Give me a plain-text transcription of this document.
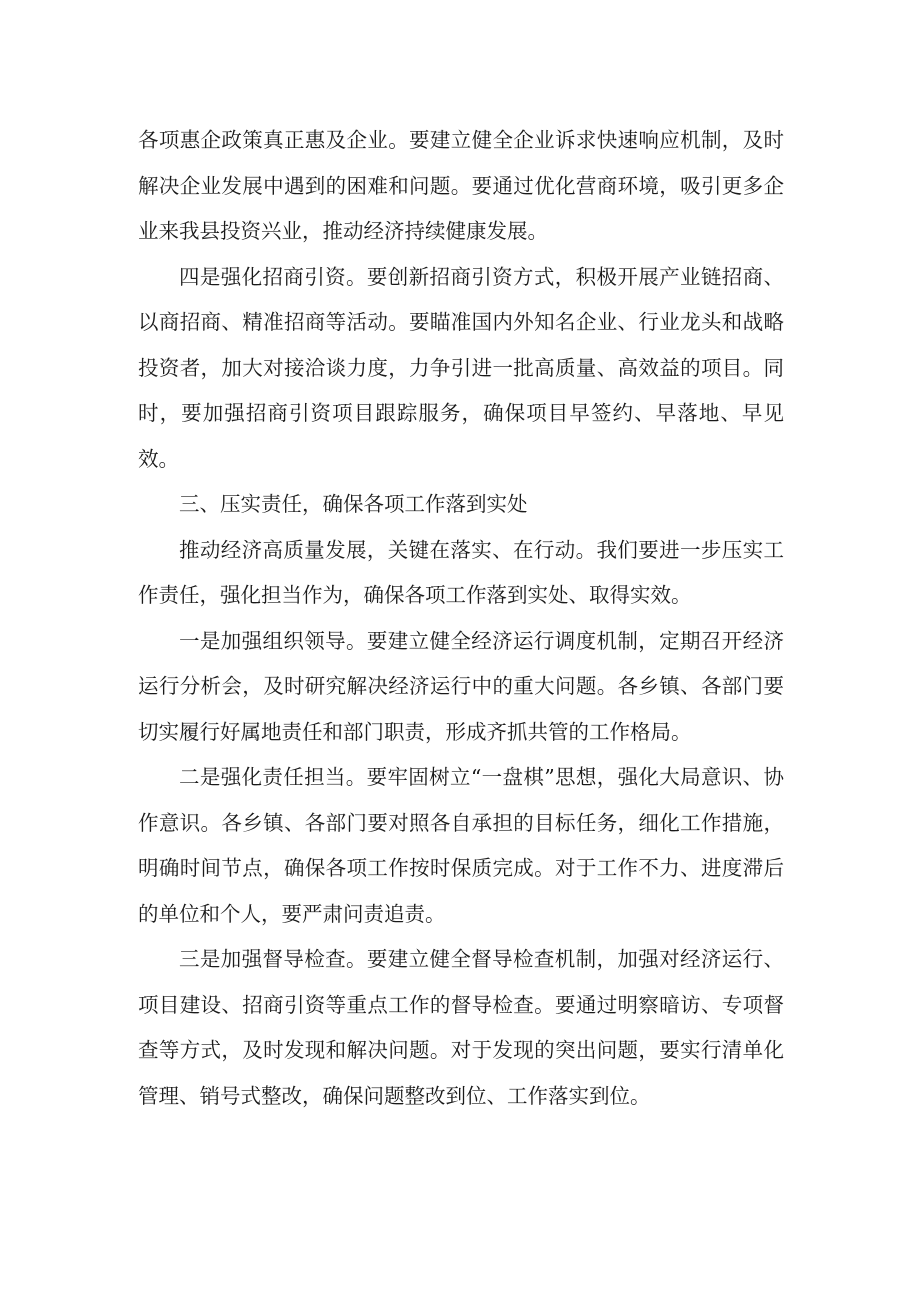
各项惠企政策真正惠及企业。要建立健全企业诉求快速响应机制，及时解决企业发展中遇到的困难和问题。要通过优化营商环境，吸引更多企业来我县投资兴业，推动经济持续健康发展。

四是强化招商引资。要创新招商引资方式，积极开展产业链招商、以商招商、精准招商等活动。要瞄准国内外知名企业、行业龙头和战略投资者，加大对接洽谈力度，力争引进一批高质量、高效益的项目。同时，要加强招商引资项目跟踪服务，确保项目早签约、早落地、早见效。

三、压实责任，确保各项工作落到实处

推动经济高质量发展，关键在落实、在行动。我们要进一步压实工作责任，强化担当作为，确保各项工作落到实处、取得实效。

一是加强组织领导。要建立健全经济运行调度机制，定期召开经济运行分析会，及时研究解决经济运行中的重大问题。各乡镇、各部门要切实履行好属地责任和部门职责，形成齐抓共管的工作格局。

二是强化责任担当。要牢固树立“一盘棋”思想，强化大局意识、协作意识。各乡镇、各部门要对照各自承担的目标任务，细化工作措施，明确时间节点，确保各项工作按时保质完成。对于工作不力、进度滞后的单位和个人，要严肃问责追责。

三是加强督导检查。要建立健全督导检查机制，加强对经济运行、项目建设、招商引资等重点工作的督导检查。要通过明察暗访、专项督查等方式，及时发现和解决问题。对于发现的突出问题，要实行清单化管理、销号式整改，确保问题整改到位、工作落实到位。
